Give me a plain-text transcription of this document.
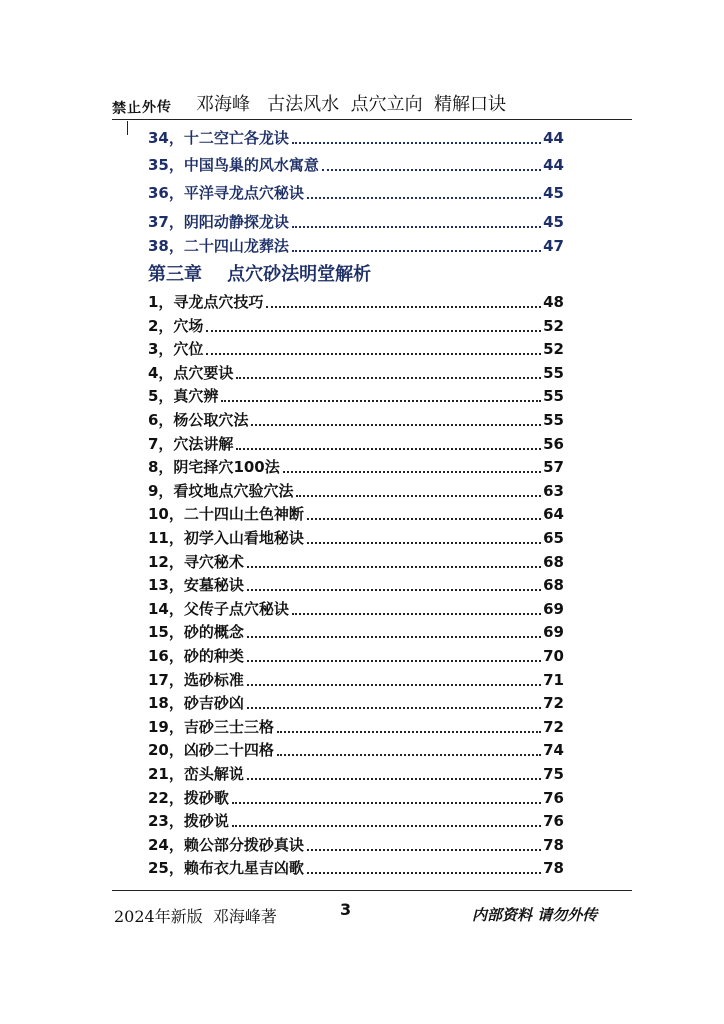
禁止外传 邓海峰   古法风水  点穴立向  精解口诀
第三章    点穴砂法明堂解析
34，十二空亡各龙诀	44
35，中国鸟巢的风水寓意	44
36，平洋寻龙点穴秘诀	45
37，阴阳动静探龙诀	45
38，二十四山龙葬法	47
1，寻龙点穴技巧	48
2，穴场	52
3，穴位	52
4，点穴要诀	55
5，真穴辨	55
6，杨公取穴法	55
7，穴法讲解	56
8，阴宅择穴100法	57
9，看坟地点穴验穴法	63
10，二十四山土色神断	64
11，初学入山看地秘诀	65
12，寻穴秘术	68
13，安墓秘诀	68
14，父传子点穴秘诀	69
15，砂的概念	69
16，砂的种类	70
17，选砂标准	71
18，砂吉砂凶	72
19，吉砂三士三格	72
20，凶砂二十四格	74
21，峦头解说	75
22，拨砂歌	76
23，拨砂说	76
24，赖公部分拨砂真诀	78
25，赖布衣九星吉凶歌	78
2024年新版  邓海峰著	3	内部资料 请勿外传
